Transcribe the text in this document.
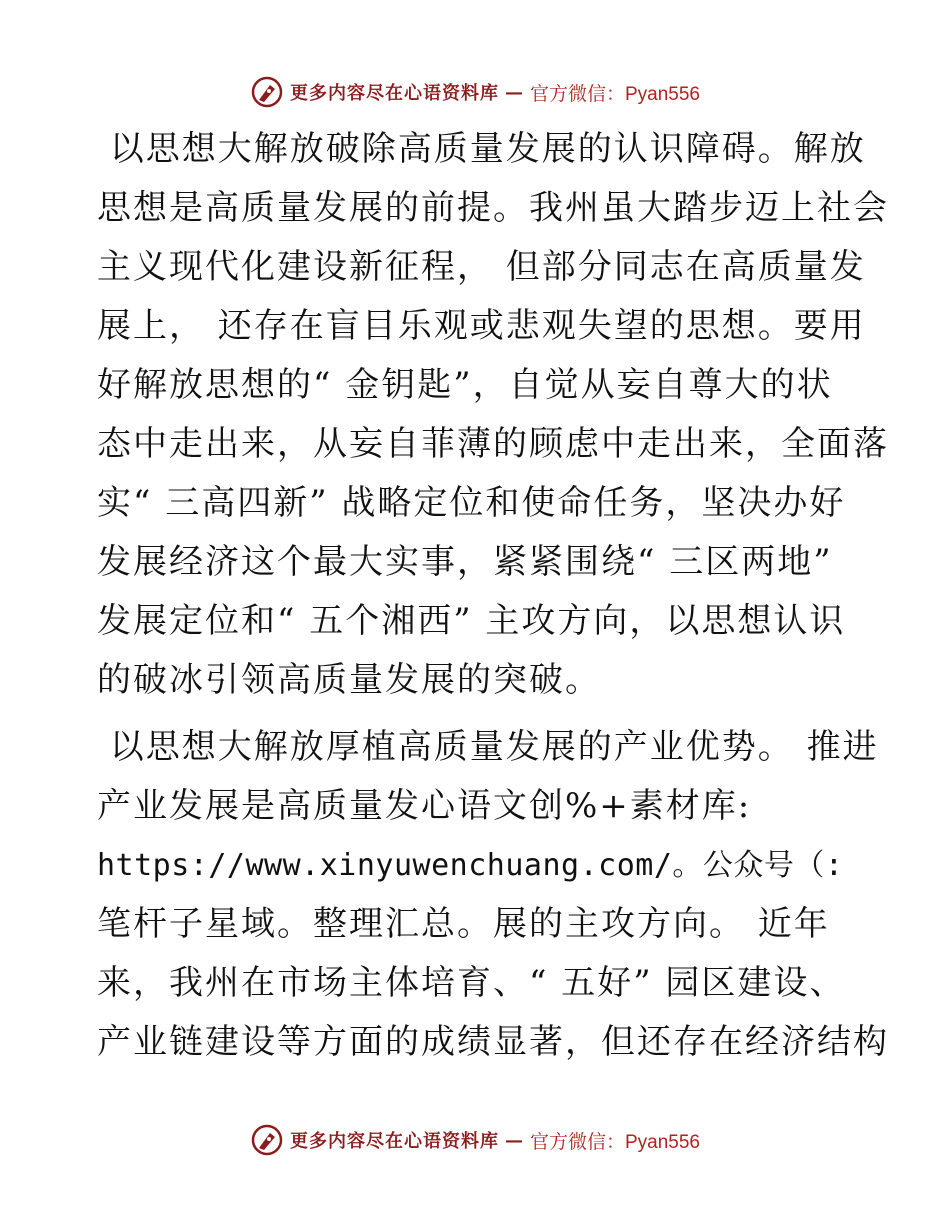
更多内容尽在心语资料库 — 官方微信：Pyan556

以思想大解放破除高质量发展的认识障碍。解放

思想是高质量发展的前提。我州虽大踏步迈上社会

主义现代化建设新征程， 但部分同志在高质量发

展上， 还存在盲目乐观或悲观失望的思想。要用

好解放思想的“ 金钥匙”，自觉从妄自尊大的状

态中走出来，从妄自菲薄的顾虑中走出来，全面落

实“ 三高四新” 战略定位和使命任务，坚决办好

发展经济这个最大实事，紧紧围绕“ 三区两地”

发展定位和“ 五个湘西” 主攻方向，以思想认识

的破冰引领高质量发展的突破。

以思想大解放厚植高质量发展的产业优势。 推进

产业发展是高质量发心语文创%+素材库:

https://www.xinyuwenchuang.com/。公众号（:

笔杆子星域。整理汇总。展的主攻方向。 近年

来，我州在市场主体培育、“ 五好” 园区建设、

产业链建设等方面的成绩显著，但还存在经济结构

更多内容尽在心语资料库 — 官方微信：Pyan556
